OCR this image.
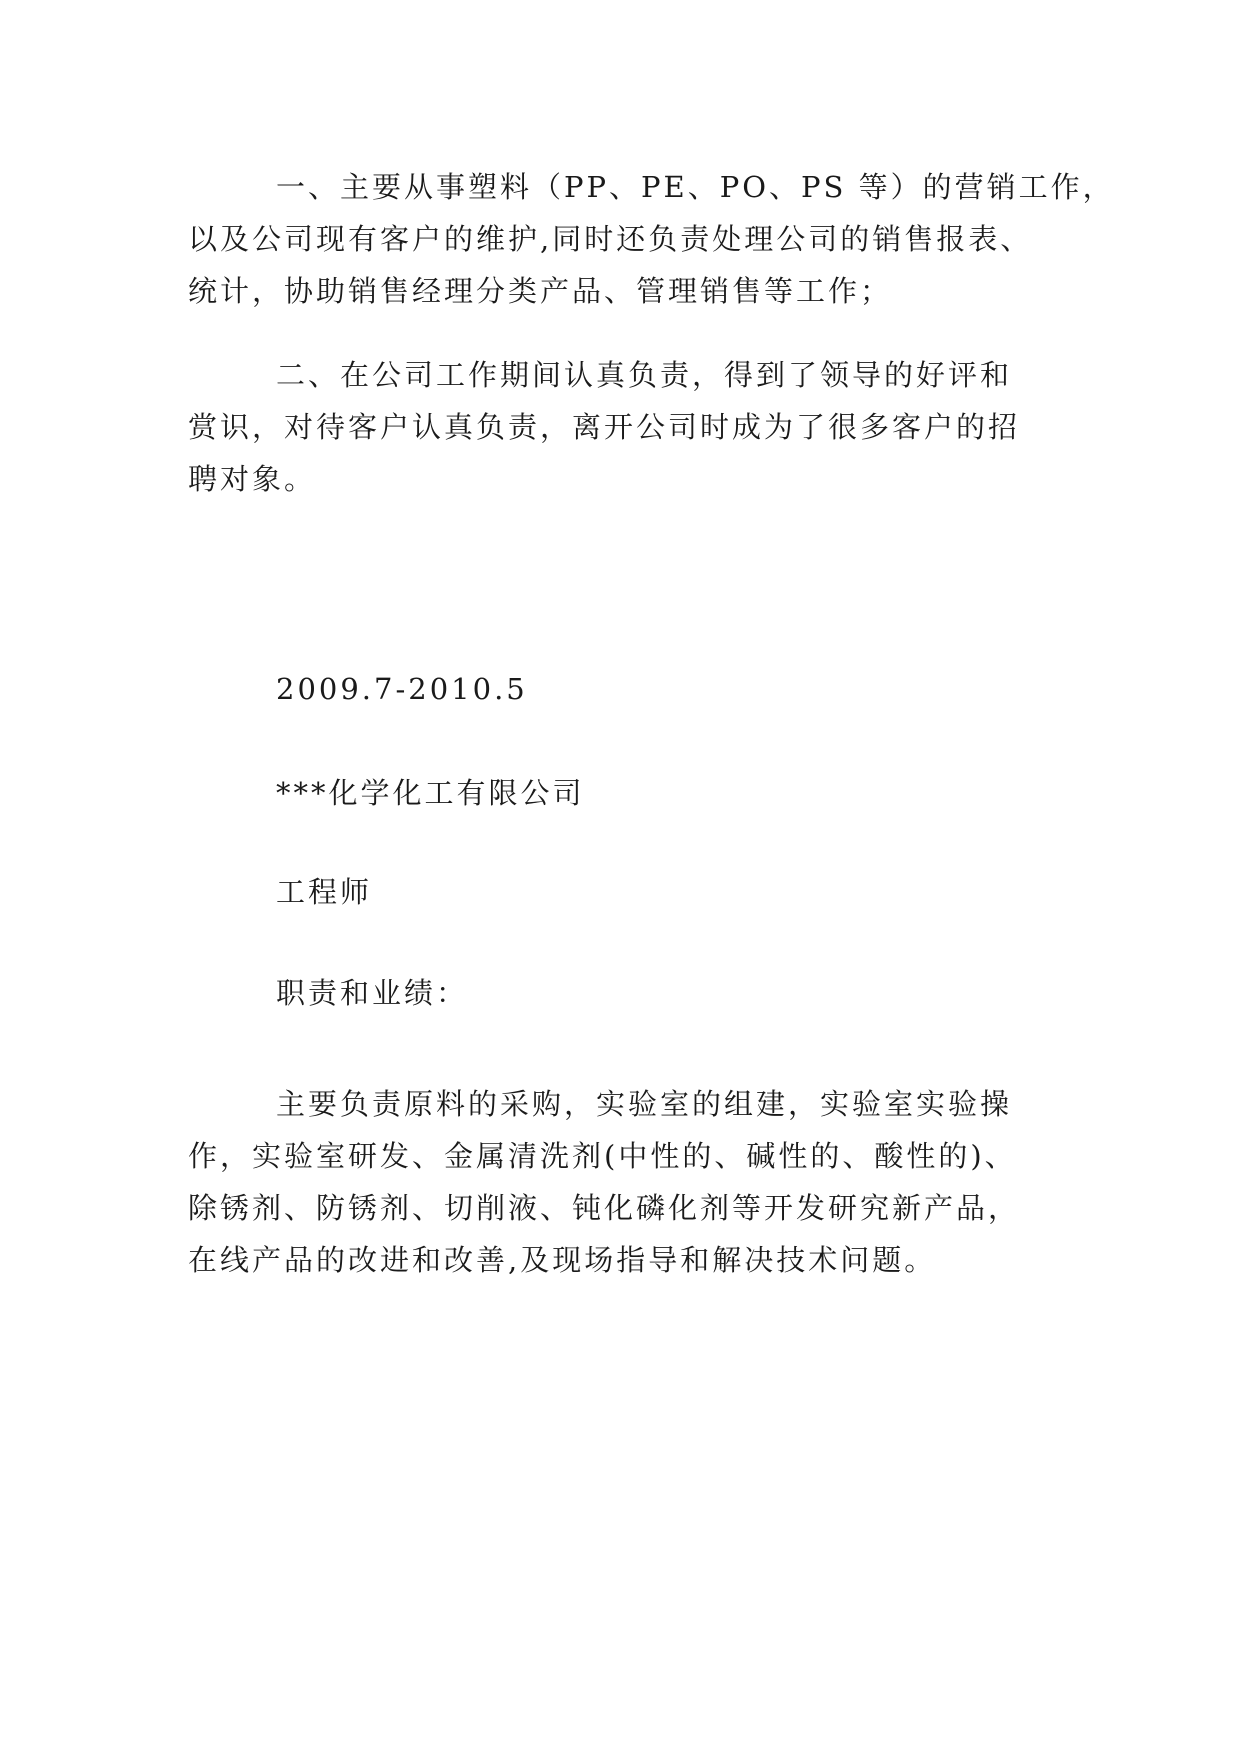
一、主要从事塑料（PP、PE、PO、PS 等）的营销工作，
以及公司现有客户的维护,同时还负责处理公司的销售报表、
统计，协助销售经理分类产品、管理销售等工作；
二、在公司工作期间认真负责，得到了领导的好评和
赏识，对待客户认真负责，离开公司时成为了很多客户的招
聘对象。

2009.7-2010.5

***化学化工有限公司

工程师

职责和业绩：

主要负责原料的采购，实验室的组建，实验室实验操
作，实验室研发、金属清洗剂(中性的、碱性的、酸性的)、
除锈剂、防锈剂、切削液、钝化磷化剂等开发研究新产品，
在线产品的改进和改善,及现场指导和解决技术问题。
